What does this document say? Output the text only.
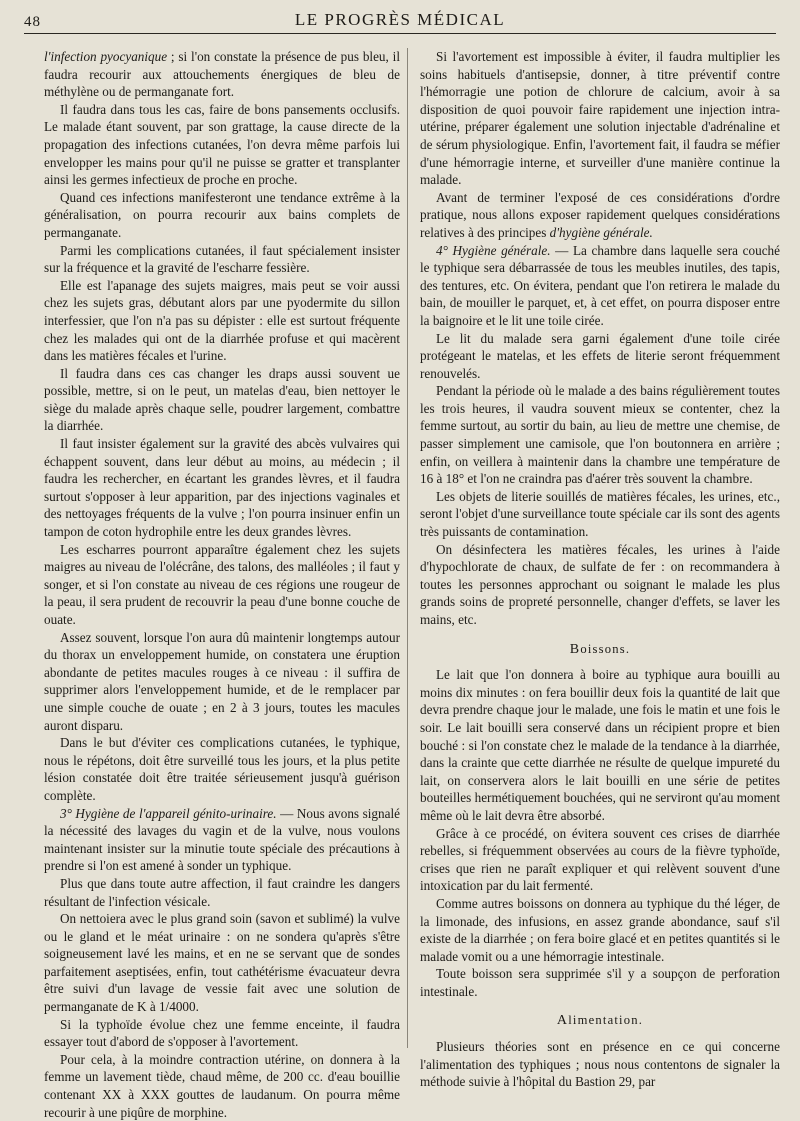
48	LE PROGRÈS MÉDICAL

l'infection pyocyanique ; si l'on constate la présence de pus bleu, il faudra recourir aux attouchements énergiques de bleu de méthylène ou de permanganate fort.

Il faudra dans tous les cas, faire de bons pansements occlusifs. Le malade étant souvent, par son grattage, la cause directe de la propagation des infections cutanées, l'on devra même parfois lui envelopper les mains pour qu'il ne puisse se gratter et transplanter ainsi les germes infectieux de proche en proche.

Quand ces infections manifesteront une tendance extrême à la généralisation, on pourra recourir aux bains complets de permanganate.

Parmi les complications cutanées, il faut spécialement insister sur la fréquence et la gravité de l'escharre fessière.

Elle est l'apanage des sujets maigres, mais peut se voir aussi chez les sujets gras, débutant alors par une pyodermite du sillon interfessier, que l'on n'a pas su dépister : elle est surtout fréquente chez les malades qui ont de la diarrhée profuse et qui macèrent dans les matières fécales et l'urine.

Il faudra dans ces cas changer les draps aussi souvent ue possible, mettre, si on le peut, un matelas d'eau, bien nettoyer le siège du malade après chaque selle, poudrer largement, combattre la diarrhée.

Il faut insister également sur la gravité des abcès vulvaires qui échappent souvent, dans leur début au moins, au médecin ; il faudra les rechercher, en écartant les grandes lèvres, et il faudra surtout s'opposer à leur apparition, par des injections vaginales et des nettoyages fréquents de la vulve ; l'on pourra insinuer enfin un tampon de coton hydrophile entre les deux grandes lèvres.

Les escharres pourront apparaître également chez les sujets maigres au niveau de l'olécrâne, des talons, des malléoles ; il faut y songer, et si l'on constate au niveau de ces régions une rougeur de la peau, il sera prudent de recouvrir la peau d'une bonne couche de ouate.

Assez souvent, lorsque l'on aura dû maintenir longtemps autour du thorax un enveloppement humide, on constatera une éruption abondante de petites macules rouges à ce niveau : il suffira de supprimer alors l'enveloppement humide, et de le remplacer par une simple couche de ouate ; en 2 à 3 jours, toutes les macules auront disparu.

Dans le but d'éviter ces complications cutanées, le typhique, nous le répétons, doit être surveillé tous les jours, et la plus petite lésion constatée doit être traitée sérieusement jusqu'à guérison complète.

3° Hygiène de l'appareil génito-urinaire. — Nous avons signalé la nécessité des lavages du vagin et de la vulve, nous voulons maintenant insister sur la minutie toute spéciale des précautions à prendre si l'on est amené à sonder un typhique.

Plus que dans toute autre affection, il faut craindre les dangers résultant de l'infection vésicale.

On nettoiera avec le plus grand soin (savon et sublimé) la vulve ou le gland et le méat urinaire : on ne sondera qu'après s'être soigneusement lavé les mains, et en ne se servant que de sondes parfaitement aseptisées, enfin, tout cathétérisme évacuateur devra être suivi d'un lavage de vessie fait avec une solution de permanganate de K à 1/4000.

Si la typhoïde évolue chez une femme enceinte, il faudra essayer tout d'abord de s'opposer à l'avortement.

Pour cela, à la moindre contraction utérine, on donnera à la femme un lavement tiède, chaud même, de 200 cc. d'eau bouillie contenant XX à XXX gouttes de laudanum. On pourra même recourir à une piqûre de morphine.

Si l'avortement est impossible à éviter, il faudra multiplier les soins habituels d'antisepsie, donner, à titre préventif contre l'hémorragie une potion de chlorure de calcium, avoir à sa disposition de quoi pouvoir faire rapidement une injection intra-utérine, préparer également une solution injectable d'adrénaline et de sérum physiologique. Enfin, l'avortement fait, il faudra se méfier d'une hémorragie interne, et surveiller d'une manière continue la malade.

Avant de terminer l'exposé de ces considérations d'ordre pratique, nous allons exposer rapidement quelques considérations relatives à des principes d'hygiène générale.

4° Hygiène générale. — La chambre dans laquelle sera couché le typhique sera débarrassée de tous les meubles inutiles, des tapis, des tentures, etc. On évitera, pendant que l'on retirera le malade du bain, de mouiller le parquet, et, à cet effet, on pourra disposer entre la baignoire et le lit une toile cirée.

Le lit du malade sera garni également d'une toile cirée protégeant le matelas, et les effets de literie seront fréquemment renouvelés.

Pendant la période où le malade a des bains régulièrement toutes les trois heures, il vaudra souvent mieux se contenter, chez la femme surtout, au sortir du bain, au lieu de mettre une chemise, de passer simplement une camisole, que l'on boutonnera en arrière ; enfin, on veillera à maintenir dans la chambre une température de 16 à 18° et l'on ne craindra pas d'aérer très souvent la chambre.

Les objets de literie souillés de matières fécales, les urines, etc., seront l'objet d'une surveillance toute spéciale car ils sont des agents très puissants de contamination.

On désinfectera les matières fécales, les urines à l'aide d'hypochlorate de chaux, de sulfate de fer : on recommandera à toutes les personnes approchant ou soignant le malade les plus grands soins de propreté personnelle, changer d'effets, se laver les mains, etc.

Boissons.

Le lait que l'on donnera à boire au typhique aura bouilli au moins dix minutes : on fera bouillir deux fois la quantité de lait que devra prendre chaque jour le malade, une fois le matin et une fois le soir. Le lait bouilli sera conservé dans un récipient propre et bien bouché : si l'on constate chez le malade de la tendance à la diarrhée, dans la crainte que cette diarrhée ne résulte de quelque impureté du lait, on conservera alors le lait bouilli en une série de petites bouteilles hermétiquement bouchées, qui ne serviront qu'au moment même où le lait devra être absorbé.

Grâce à ce procédé, on évitera souvent ces crises de diarrhée rebelles, si fréquemment observées au cours de la fièvre typhoïde, crises que rien ne paraît expliquer et qui relèvent souvent d'une intoxication par du lait fermenté.

Comme autres boissons on donnera au typhique du thé léger, de la limonade, des infusions, en assez grande abondance, sauf s'il existe de la diarrhée ; on fera boire glacé et en petites quantités si le malade vomit ou a une hémorragie intestinale.

Toute boisson sera supprimée s'il y a soupçon de perforation intestinale.

Alimentation.

Plusieurs théories sont en présence en ce qui concerne l'alimentation des typhiques ; nous nous contentons de signaler la méthode suivie à l'hôpital du Bastion 29, par
